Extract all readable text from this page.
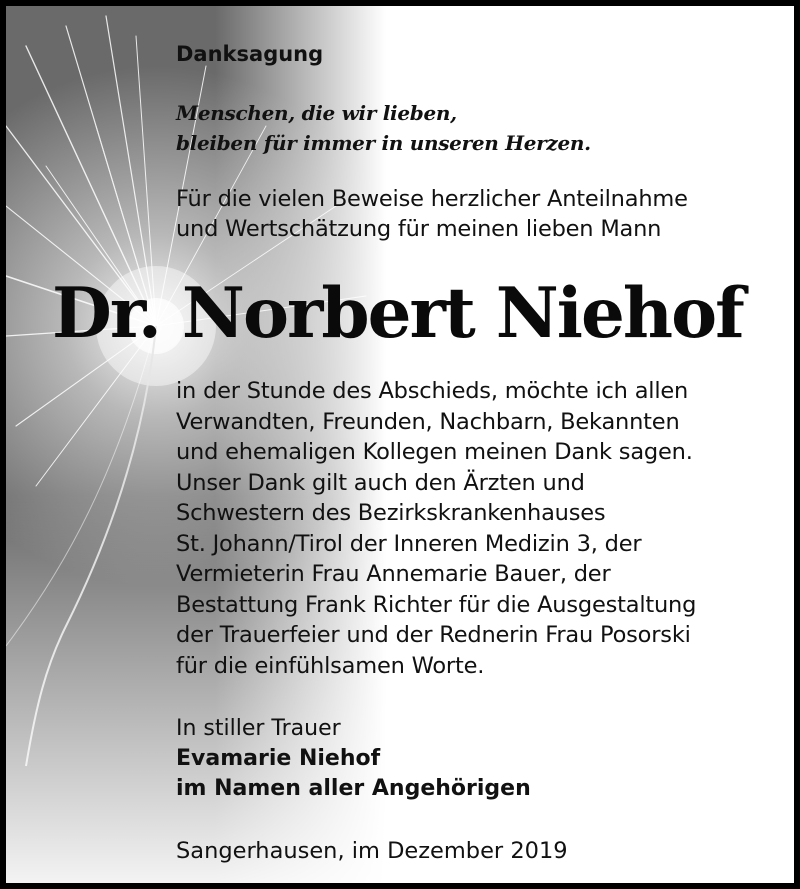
Danksagung
Menschen, die wir lieben,
bleiben für immer in unseren Herzen.
Für die vielen Beweise herzlicher Anteilnahme
und Wertschätzung für meinen lieben Mann
Dr. Norbert Niehof
in der Stunde des Abschieds, möchte ich allen
Verwandten, Freunden, Nachbarn, Bekannten
und ehemaligen Kollegen meinen Dank sagen.
Unser Dank gilt auch den Ärzten und
Schwestern des Bezirkskrankenhauses
St. Johann/Tirol der Inneren Medizin 3, der
Vermieterin Frau Annemarie Bauer, der
Bestattung Frank Richter für die Ausgestaltung
der Trauerfeier und der Rednerin Frau Posorski
für die einfühlsamen Worte.
In stiller Trauer
Evamarie Niehof
im Namen aller Angehörigen

Sangerhausen, im Dezember 2019
